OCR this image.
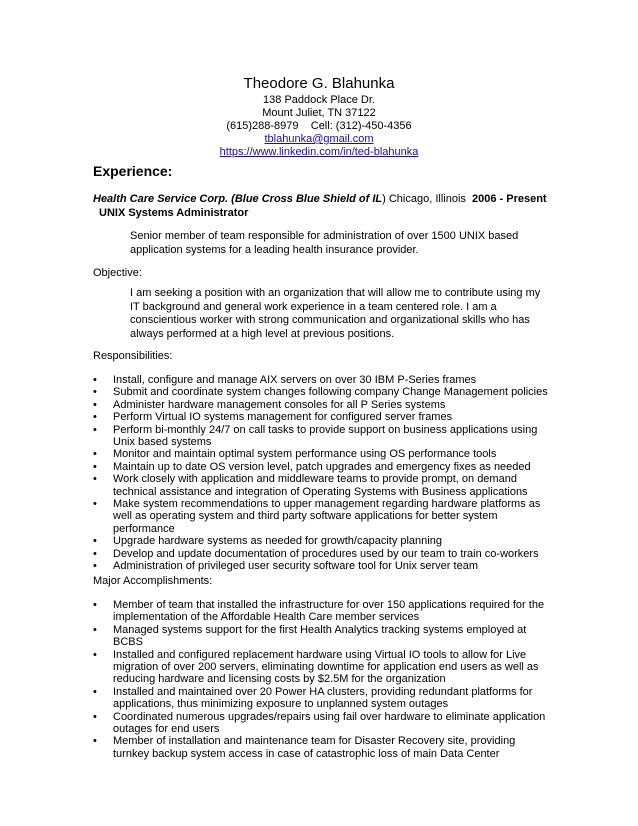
Theodore G. Blahunka
138 Paddock Place Dr.
Mount Juliet, TN 37122
(615)288-8979    Cell: (312)-450-4356
tblahunka@gmail.com
https://www.linkedin.com/in/ted-blahunka
Experience:
Health Care Service Corp. (Blue Cross Blue Shield of IL) Chicago, Illinois 2006 - Present
UNIX Systems Administrator
Senior member of team responsible for administration of over 1500 UNIX based application systems for a leading health insurance provider.
Objective:
I am seeking a position with an organization that will allow me to contribute using my IT background and general work experience in a team centered role. I am a conscientious worker with strong communication and organizational skills who has always performed at a high level at previous positions.
Responsibilities:
• Install, configure and manage AIX servers on over 30 IBM P-Series frames
• Submit and coordinate system changes following company Change Management policies
• Administer hardware management consoles for all P Series systems
• Perform Virtual IO systems management for configured server frames
• Perform bi-monthly 24/7 on call tasks to provide support on business applications using Unix based systems
• Monitor and maintain optimal system performance using OS performance tools
• Maintain up to date OS version level, patch upgrades and emergency fixes as needed
• Work closely with application and middleware teams to provide prompt, on demand technical assistance and integration of Operating Systems with Business applications
• Make system recommendations to upper management regarding hardware platforms as well as operating system and third party software applications for better system performance
• Upgrade hardware systems as needed for growth/capacity planning
• Develop and update documentation of procedures used by our team to train co-workers
• Administration of privileged user security software tool for Unix server team
Major Accomplishments:
• Member of team that installed the infrastructure for over 150 applications required for the implementation of the Affordable Health Care member services
• Managed systems support for the first Health Analytics tracking systems employed at BCBS
• Installed and configured replacement hardware using Virtual IO tools to allow for Live migration of over 200 servers, eliminating downtime for application end users as well as reducing hardware and licensing costs by $2.5M for the organization
• Installed and maintained over 20 Power HA clusters, providing redundant platforms for applications, thus minimizing exposure to unplanned system outages
• Coordinated numerous upgrades/repairs using fail over hardware to eliminate application outages for end users
• Member of installation and maintenance team for Disaster Recovery site, providing turnkey backup system access in case of catastrophic loss of main Data Center
